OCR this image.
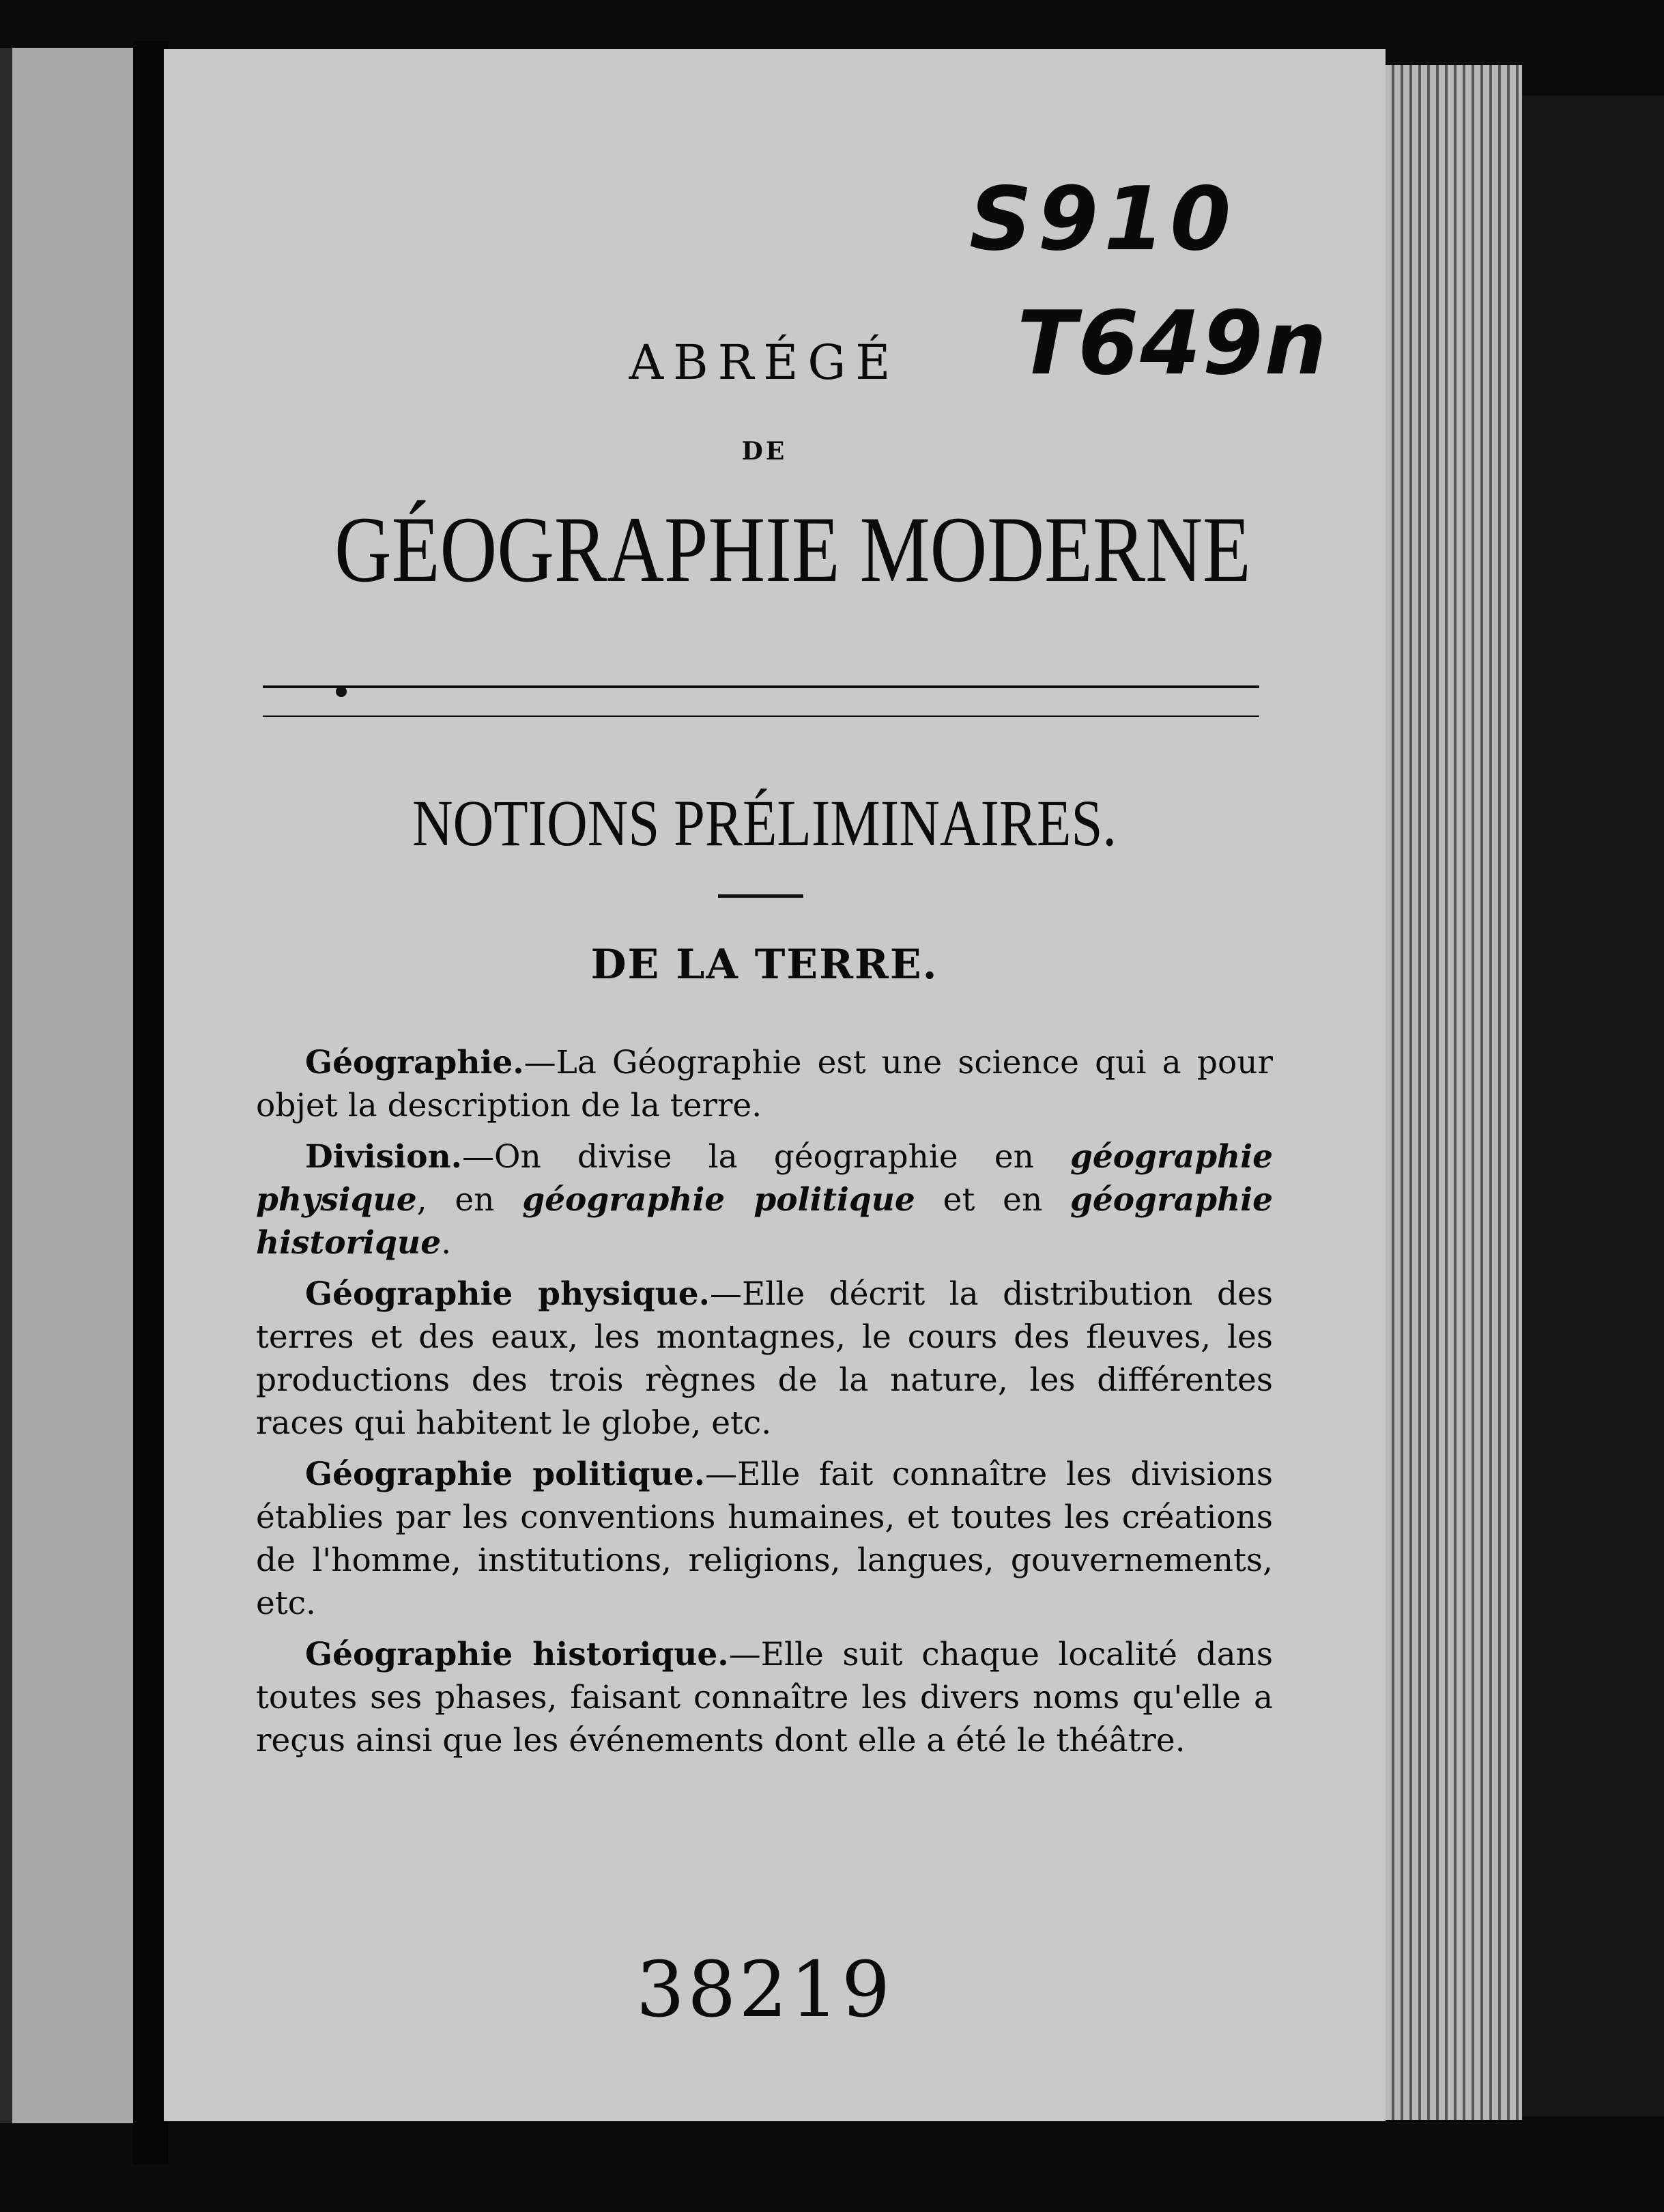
S910
T649n
ABRÉGÉ
DE
GÉOGRAPHIE MODERNE
NOTIONS PRÉLIMINAIRES.
DE LA TERRE.

Géographie.—La Géographie est une science qui a pour objet la description de la terre.

Division.—On divise la géographie en géographie physique, en géographie politique et en géographie historique.

Géographie physique.—Elle décrit la distribution des terres et des eaux, les montagnes, le cours des fleuves, les productions des trois règnes de la nature, les différentes races qui habitent le globe, etc.

Géographie politique.—Elle fait connaître les divisions établies par les conventions humaines, et toutes les créations de l'homme, institutions, religions, langues, gouvernements, etc.

Géographie historique.—Elle suit chaque localité dans toutes ses phases, faisant connaître les divers noms qu'elle a reçus ainsi que les événements dont elle a été le théâtre.

38219
